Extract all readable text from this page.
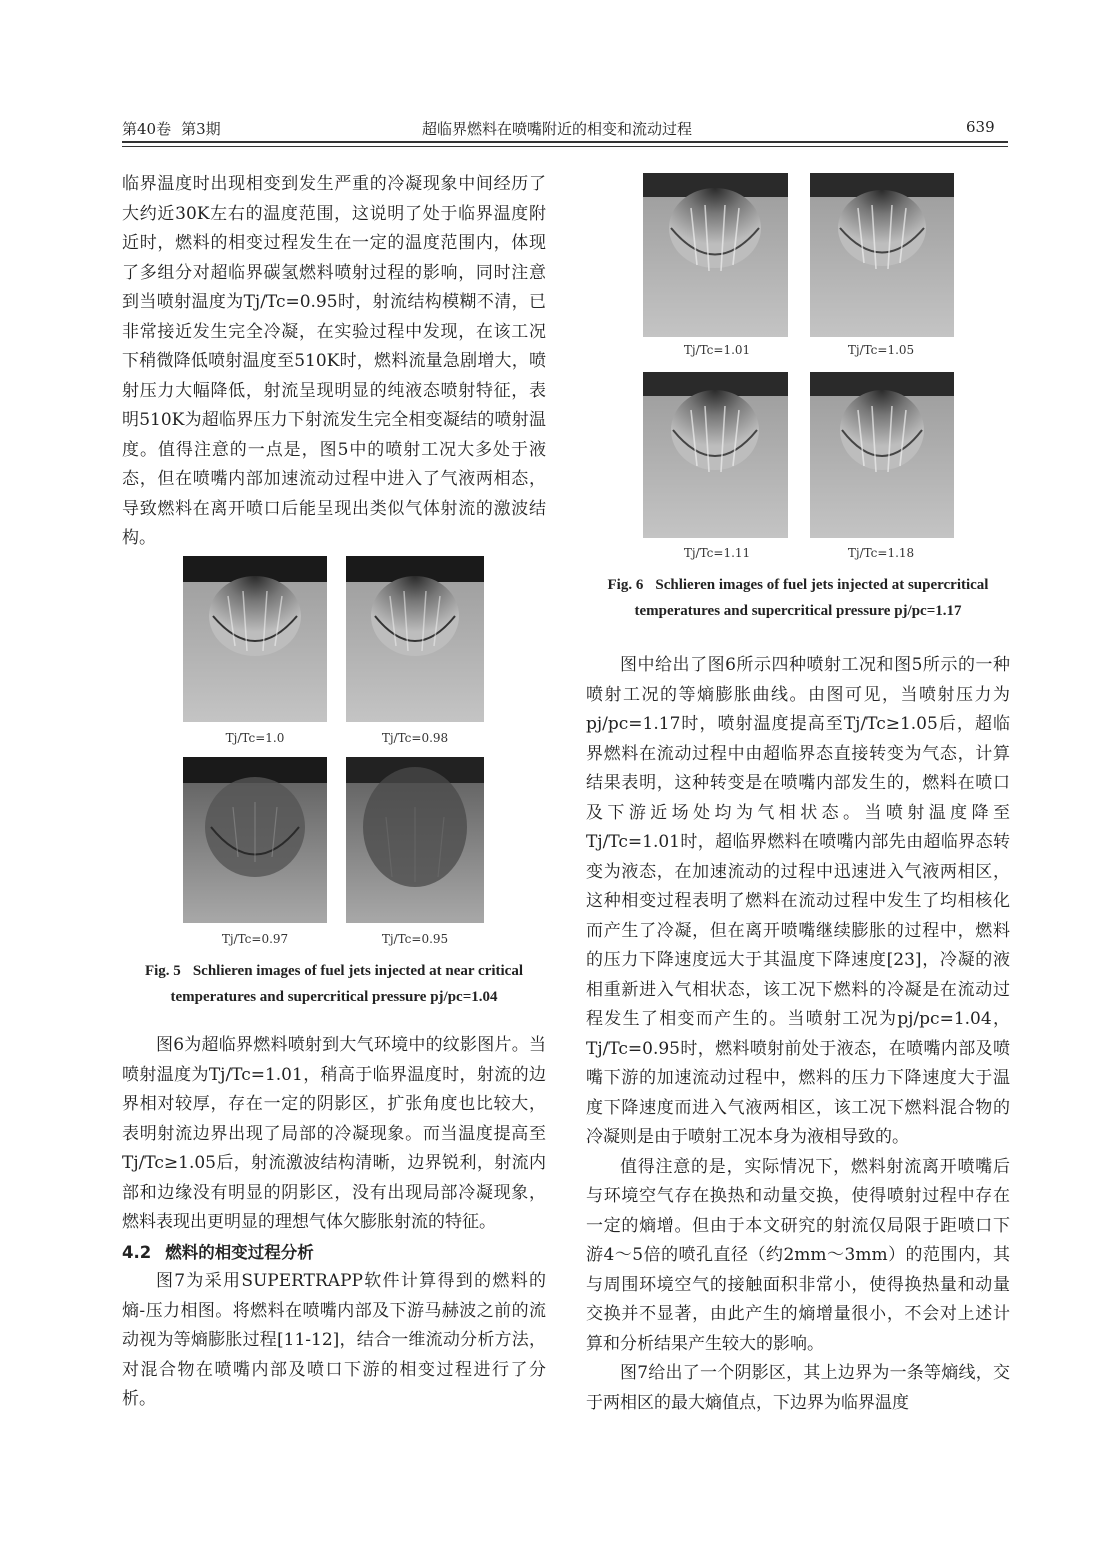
第40卷 第3期	超临界燃料在喷嘴附近的相变和流动过程	639

临界温度时出现相变到发生严重的冷凝现象中间经历了大约近30K左右的温度范围，这说明了处于临界温度附近时，燃料的相变过程发生在一定的温度范围内，体现了多组分对超临界碳氢燃料喷射过程的影响，同时注意到当喷射温度为Tj/Tc=0.95时，射流结构模糊不清，已非常接近发生完全冷凝，在实验过程中发现，在该工况下稍微降低喷射温度至510K时，燃料流量急剧增大，喷射压力大幅降低，射流呈现明显的纯液态喷射特征，表明510K为超临界压力下射流发生完全相变凝结的喷射温度。值得注意的一点是，图5中的喷射工况大多处于液态，但在喷嘴内部加速流动过程中进入了气液两相态，导致燃料在离开喷口后能呈现出类似气体射流的激波结构。

Tj/Tc=1.0	Tj/Tc=0.98
Tj/Tc=0.97	Tj/Tc=0.95
Fig. 5 Schlieren images of fuel jets injected at near critical
temperatures and supercritical pressure pj/pc=1.04

图6为超临界燃料喷射到大气环境中的纹影图片。当喷射温度为Tj/Tc=1.01，稍高于临界温度时，射流的边界相对较厚，存在一定的阴影区，扩张角度也比较大，表明射流边界出现了局部的冷凝现象。而当温度提高至Tj/Tc≥1.05后，射流激波结构清晰，边界锐利，射流内部和边缘没有明显的阴影区，没有出现局部冷凝现象，燃料表现出更明显的理想气体欠膨胀射流的特征。

4.2 燃料的相变过程分析

图7为采用SUPERTRAPP软件计算得到的燃料的熵-压力相图。将燃料在喷嘴内部及下游马赫波之前的流动视为等熵膨胀过程[11-12]，结合一维流动分析方法，对混合物在喷嘴内部及喷口下游的相变过程进行了分析。

Tj/Tc=1.01	Tj/Tc=1.05
Tj/Tc=1.11	Tj/Tc=1.18
Fig. 6 Schlieren images of fuel jets injected at supercritical
temperatures and supercritical pressure pj/pc=1.17

图中给出了图6所示四种喷射工况和图5所示的一种喷射工况的等熵膨胀曲线。由图可见，当喷射压力为pj/pc=1.17时，喷射温度提高至Tj/Tc≥1.05后，超临界燃料在流动过程中由超临界态直接转变为气态，计算结果表明，这种转变是在喷嘴内部发生的，燃料在喷口及下游近场处均为气相状态。当喷射温度降至Tj/Tc=1.01时，超临界燃料在喷嘴内部先由超临界态转变为液态，在加速流动的过程中迅速进入气液两相区，这种相变过程表明了燃料在流动过程中发生了均相核化而产生了冷凝，但在离开喷嘴继续膨胀的过程中，燃料的压力下降速度远大于其温度下降速度[23]，冷凝的液相重新进入气相状态，该工况下燃料的冷凝是在流动过程发生了相变而产生的。当喷射工况为pj/pc=1.04，Tj/Tc=0.95时，燃料喷射前处于液态，在喷嘴内部及喷嘴下游的加速流动过程中，燃料的压力下降速度大于温度下降速度而进入气液两相区，该工况下燃料混合物的冷凝则是由于喷射工况本身为液相导致的。

值得注意的是，实际情况下，燃料射流离开喷嘴后与环境空气存在换热和动量交换，使得喷射过程中存在一定的熵增。但由于本文研究的射流仅局限于距喷口下游4～5倍的喷孔直径（约2mm～3mm）的范围内，其与周围环境空气的接触面积非常小，使得换热量和动量交换并不显著，由此产生的熵增量很小，不会对上述计算和分析结果产生较大的影响。

图7给出了一个阴影区，其上边界为一条等熵线，交于两相区的最大熵值点，下边界为临界温度
